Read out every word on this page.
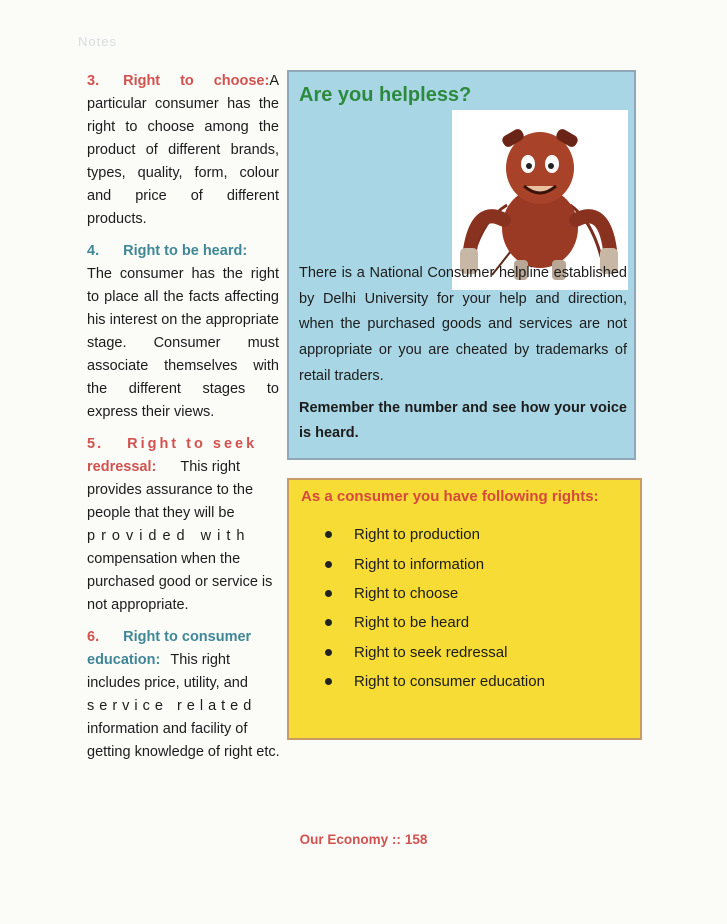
Notes

3. Right to choose: A
particular consumer has the right to choose among the product of different brands, types, quality, form, colour and price of different products.

4. Right to be heard:
The consumer has the right to place all the facts affecting his interest on the appropriate stage. Consumer must associate themselves with the different stages to express their views.

5. Right to seek
redressal: This right provides assurance to the people that they will be
provided with
compensation when the purchased good or service is not appropriate.

6. Right to consumer
education: This right includes price, utility, and
service related
information and facility of
getting knowledge of right etc.

Are you helpless?

There is a National Consumer helpline established by Delhi University for your help and direction, when the purchased goods and services are not appropriate or you are cheated by trademarks of retail traders.

Remember the number and see how your voice is heard.

As a consumer you have following rights:
Right to production
Right to information
Right to choose
Right to be heard
Right to seek redressal
Right to consumer education
Our Economy :: 158
